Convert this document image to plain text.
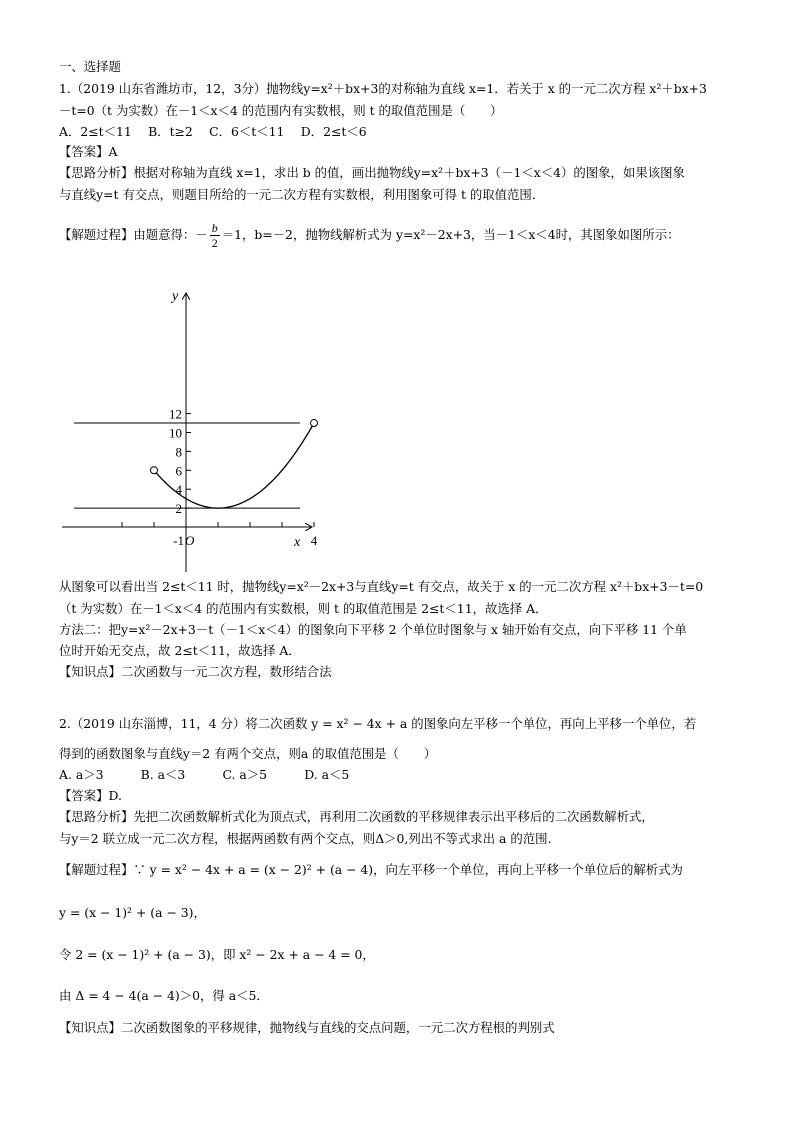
一、选择题
1.（2019 山东省潍坊市，12，3分）抛物线y=x²＋bx+3的对称轴为直线 x=1．若关于 x 的一元二次方程 x²＋bx+3
－t=0（t 为实数）在－1＜x＜4 的范围内有实数根，则 t 的取值范围是（　　）
A．2≤t＜11　 B．t≥2　 C．6＜t＜11　 D．2≤t＜6
【答案】A
【思路分析】根据对称轴为直线 x=1，求出 b 的值，画出抛物线y=x²＋bx+3（－1＜x＜4）的图象，如果该图象
与直线y=t 有交点，则题目所给的一元二次方程有实数根，利用图象可得 t 的取值范围．
【解题过程】由题意得：－ $\frac{b}{2} =1$，b=－2，抛物线解析式为 y=x²－2x+3，当－1＜x＜4时，其图象如图所示：
2
4
6
8
10
12
-1 O	4
x
y
从图象可以看出当 2≤t＜11 时，抛物线y=x²－2x+3与直线y=t 有交点，故关于 x 的一元二次方程 x²＋bx+3－t=0
（t 为实数）在－1＜x＜4 的范围内有实数根，则 t 的取值范围是 2≤t＜11，故选择 A．
方法二：把y=x²－2x+3－t（－1＜x＜4）的图象向下平移 2 个单位时图象与 x 轴开始有交点，向下平移 11 个单
位时开始无交点，故 2≤t＜11，故选择 A．
【知识点】二次函数与一元二次方程，数形结合法
2.（2019 山东淄博，11，4 分）将二次函数 y = x² − 4x + a 的图象向左平移一个单位，再向上平移一个单位，若
得到的函数图象与直线y＝2 有两个交点，则a 的取值范围是（　　）
A. a＞3　　　B. a＜3　　　C. a＞5　　　D. a＜5
【答案】D.
【思路分析】先把二次函数解析式化为顶点式，再利用二次函数的平移规律表示出平移后的二次函数解析式，
与y＝2 联立成一元二次方程，根据两函数有两个交点，则Δ＞0,列出不等式求出 a 的范围.
【解题过程】∵ y = x² − 4x + a = (x − 2)² + (a − 4)，向左平移一个单位，再向上平移一个单位后的解析式为
y = (x − 1)² + (a − 3)，
令 2 = (x − 1)² + (a − 3)，即 x² − 2x + a − 4 = 0，
由 Δ = 4 − 4(a − 4)＞0，得 a＜5．
【知识点】二次函数图象的平移规律，抛物线与直线的交点问题，一元二次方程根的判别式
